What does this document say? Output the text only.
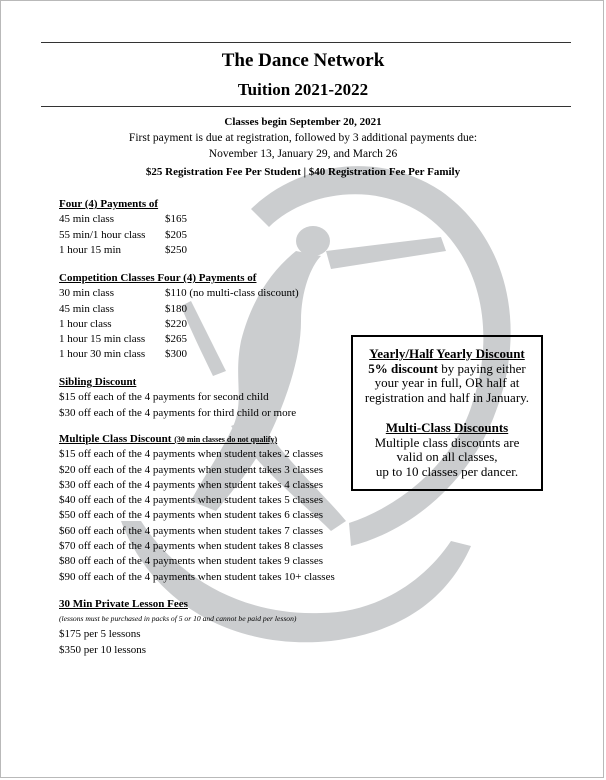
The Dance Network
Tuition 2021-2022
Classes begin September 20, 2021
First payment is due at registration, followed by 3 additional payments due:
November 13, January 29, and March 26
$25 Registration Fee Per Student | $40 Registration Fee Per Family
Four (4) Payments of
45 min class	$165
55 min/1 hour class	$205
1 hour 15 min	$250
Competition Classes Four (4) Payments of
30 min class	$110 (no multi-class discount)
45 min class	$180
1 hour class	$220
1 hour 15 min class	$265
1 hour 30 min class	$300
Sibling Discount
$15 off each of the 4 payments for second child
$30 off each of the 4 payments for third child or more
Multiple Class Discount (30 min classes do not qualify)
$15 off each of the 4 payments when student takes 2 classes
$20 off each of the 4 payments when student takes 3 classes
$30 off each of the 4 payments when student takes 4 classes
$40 off each of the 4 payments when student takes 5 classes
$50 off each of the 4 payments when student takes 6 classes
$60 off each of the 4 payments when student takes 7 classes
$70 off each of the 4 payments when student takes 8 classes
$80 off each of the 4 payments when student takes 9 classes
$90 off each of the 4 payments when student takes 10+ classes
30 Min Private Lesson Fees
(lessons must be purchased in packs of 5 or 10 and cannot be paid per lesson)
$175 per 5 lessons
$350 per 10 lessons
Yearly/Half Yearly Discount
5% discount by paying either
your year in full, OR half at
registration and half in January.
Multi-Class Discounts
Multiple class discounts are
valid on all classes,
up to 10 classes per dancer.
